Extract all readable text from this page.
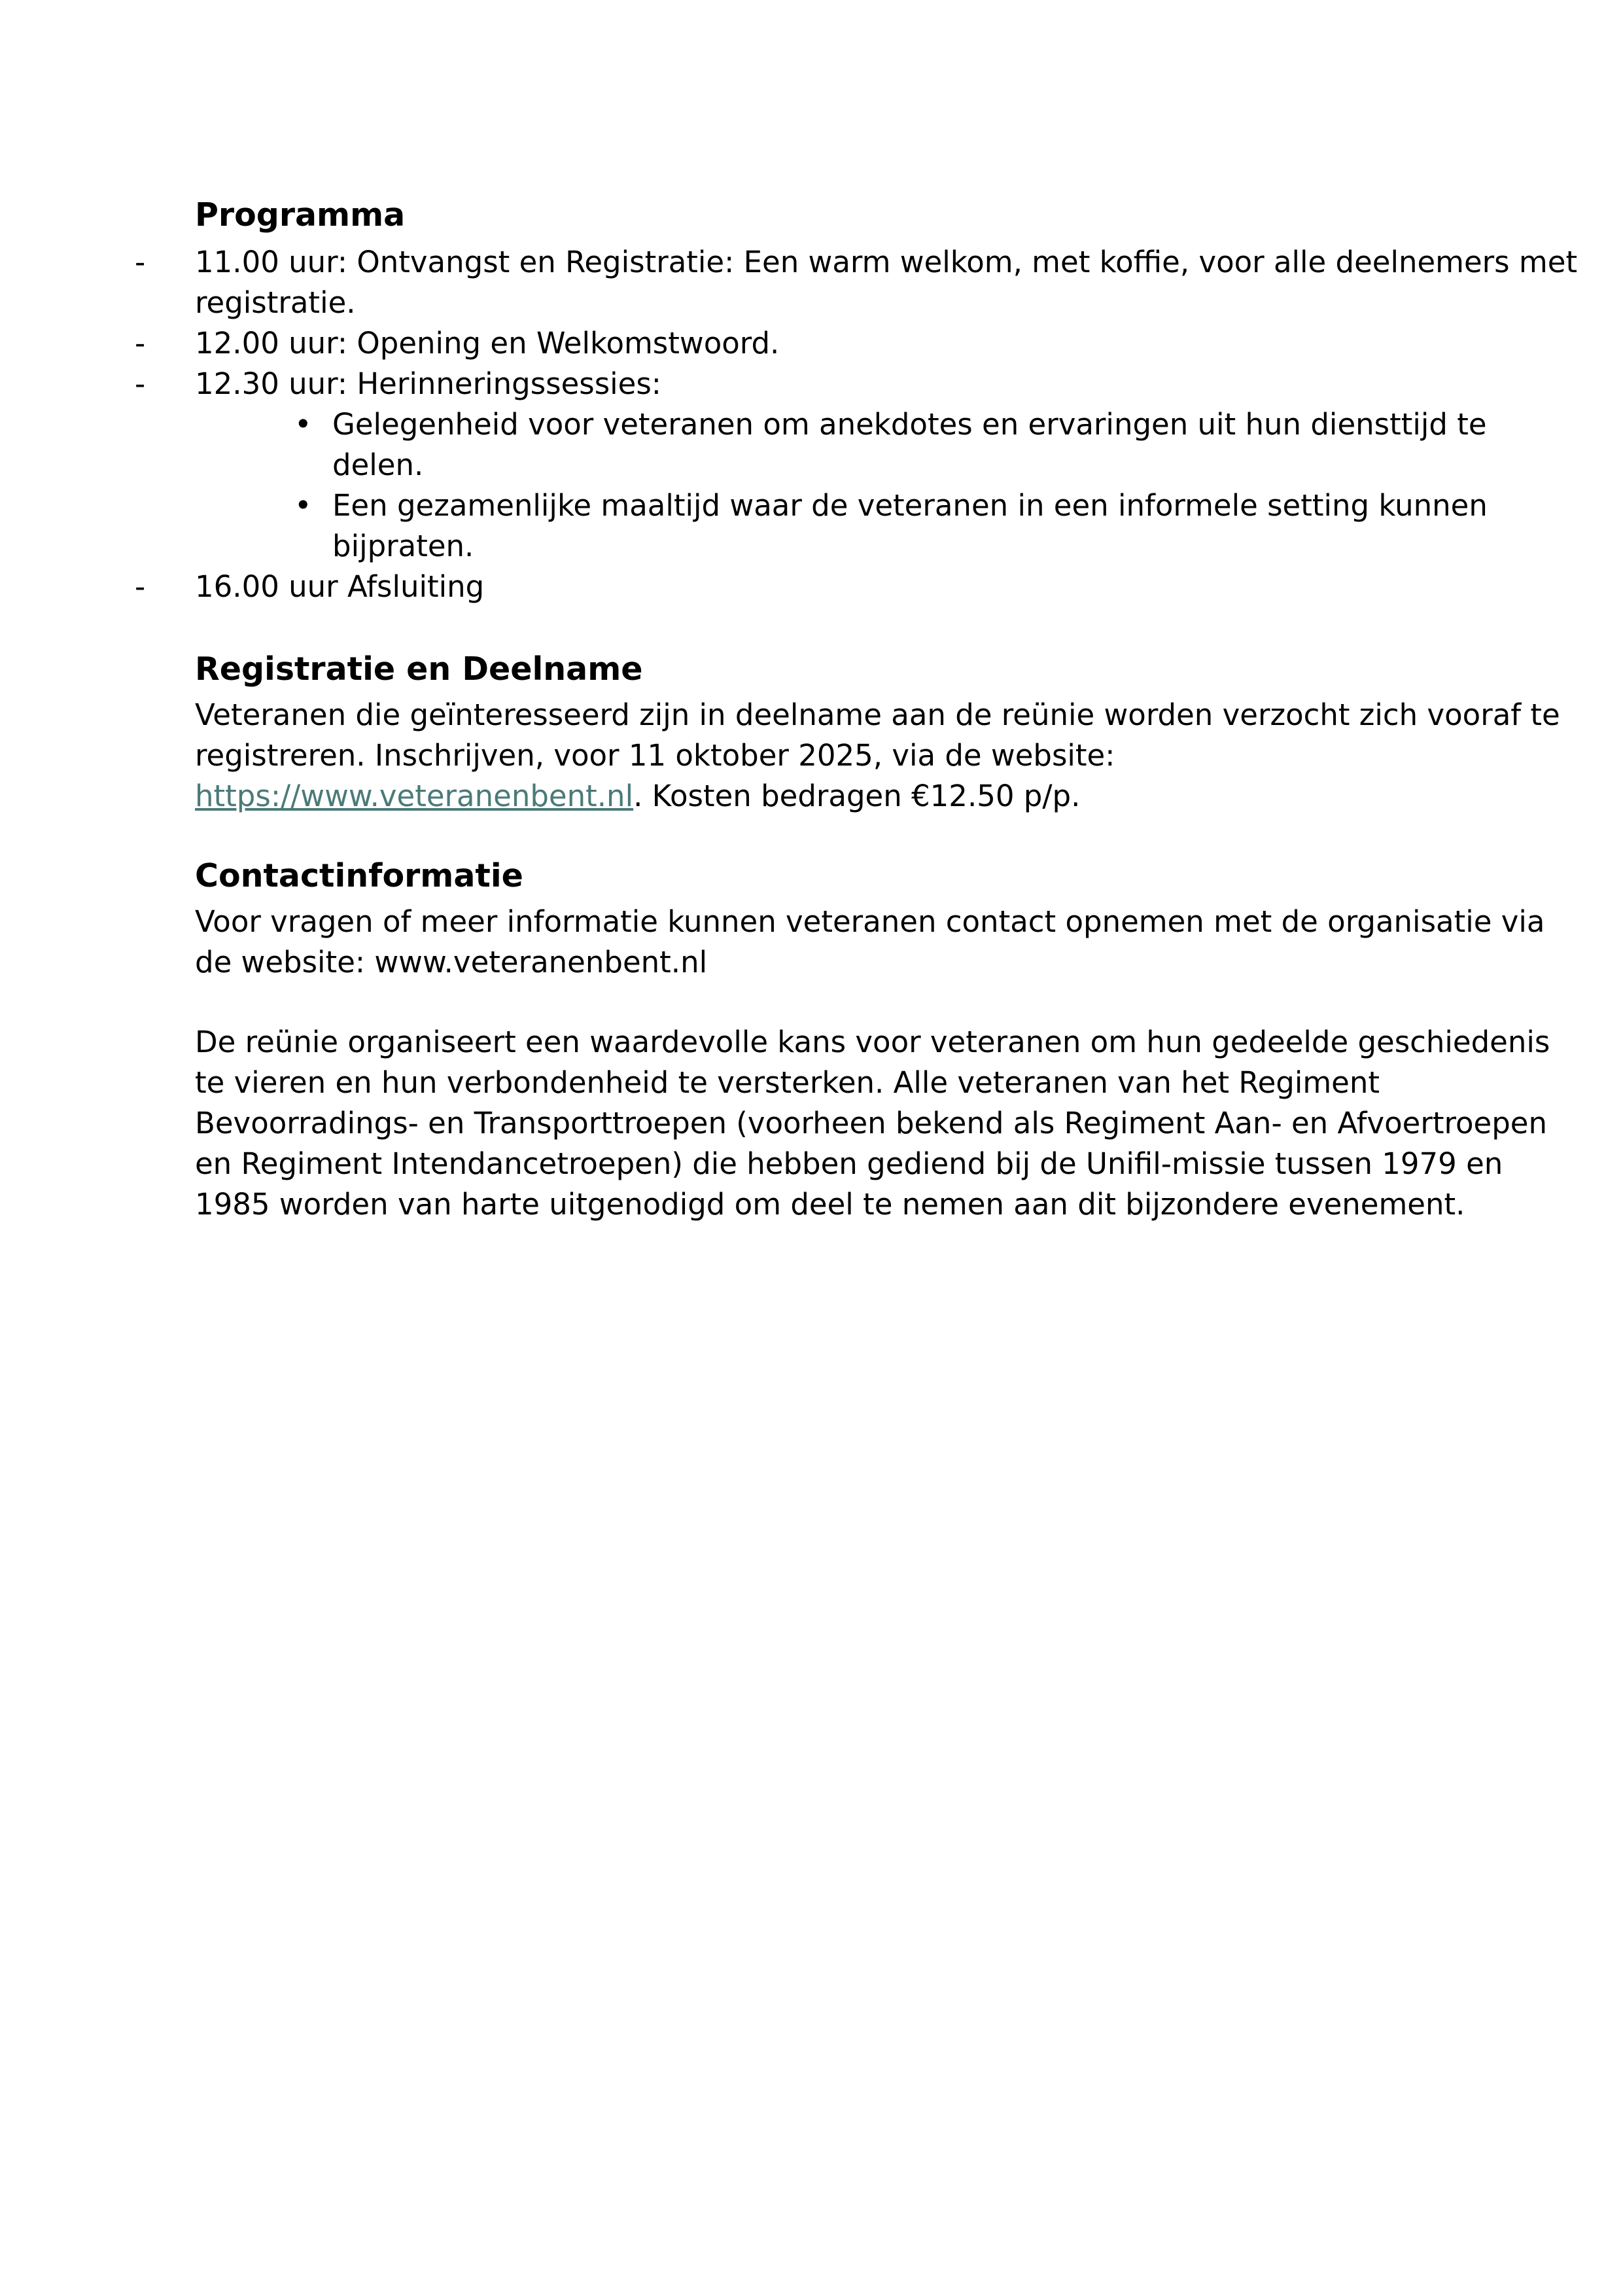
Programma
- 11.00 uur: Ontvangst en Registratie: Een warm welkom, met koffie, voor alle deelnemers met
registratie.
- 12.00 uur: Opening en Welkomstwoord.
- 12.30 uur: Herinneringssessies:
• Gelegenheid voor veteranen om anekdotes en ervaringen uit hun diensttijd te
delen.
• Een gezamenlijke maaltijd waar de veteranen in een informele setting kunnen
bijpraten.
- 16.00 uur Afsluiting
Registratie en Deelname
Veteranen die geïnteresseerd zijn in deelname aan de reünie worden verzocht zich vooraf te
registreren. Inschrijven, voor 11 oktober 2025, via de website:
https://www.veteranenbent.nl. Kosten bedragen €12.50 p/p.
Contactinformatie
Voor vragen of meer informatie kunnen veteranen contact opnemen met de organisatie via
de website: www.veteranenbent.nl
De reünie organiseert een waardevolle kans voor veteranen om hun gedeelde geschiedenis
te vieren en hun verbondenheid te versterken. Alle veteranen van het Regiment
Bevoorradings- en Transporttroepen (voorheen bekend als Regiment Aan- en Afvoertroepen
en Regiment Intendancetroepen) die hebben gediend bij de Unifil-missie tussen 1979 en
1985 worden van harte uitgenodigd om deel te nemen aan dit bijzondere evenement.
